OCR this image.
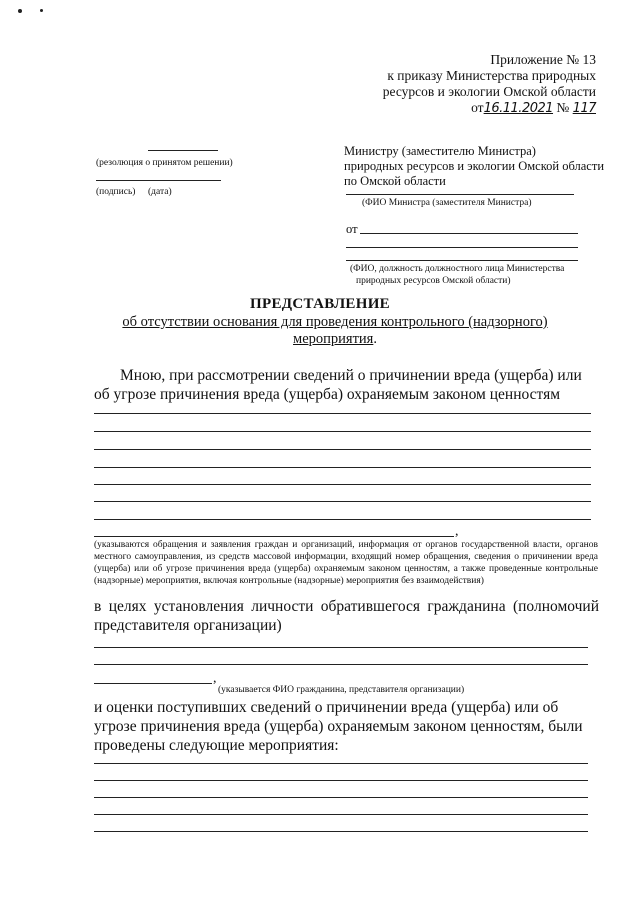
Приложение № 13
к приказу Министерства природных
ресурсов и экологии Омской области
от16.11.2021 № 117
(резолюция о принятом решении)
(подпись) (дата)
Министру (заместителю Министра)
природных ресурсов и экологии Омской области
по Омской области
(ФИО Министра (заместителя Министра)
от
(ФИО, должность должностного лица Министерства
природных ресурсов Омской области)
ПРЕДСТАВЛЕНИЕ
об отсутствии основания для проведения контрольного (надзорного)
мероприятия.
Мною, при рассмотрении сведений о причинении вреда (ущерба) или об угрозе причинения вреда (ущерба) охраняемым законом ценностям
,
(указываются обращения и заявления граждан и организаций, информация от органов государственной власти, органов местного самоуправления, из средств массовой информации, входящий номер обращения, сведения о причинении вреда (ущерба) или об угрозе причинения вреда (ущерба) охраняемым законом ценностям, а также проведенные контрольные (надзорные) мероприятия, включая контрольные (надзорные) мероприятия без взаимодействия)
в целях установления личности обратившегося гражданина (полномочий представителя организации)
,
(указывается ФИО гражданина, представителя организации)
и оценки поступивших сведений о причинении вреда (ущерба) или об угрозе причинения вреда (ущерба) охраняемым законом ценностям, были проведены следующие мероприятия:
